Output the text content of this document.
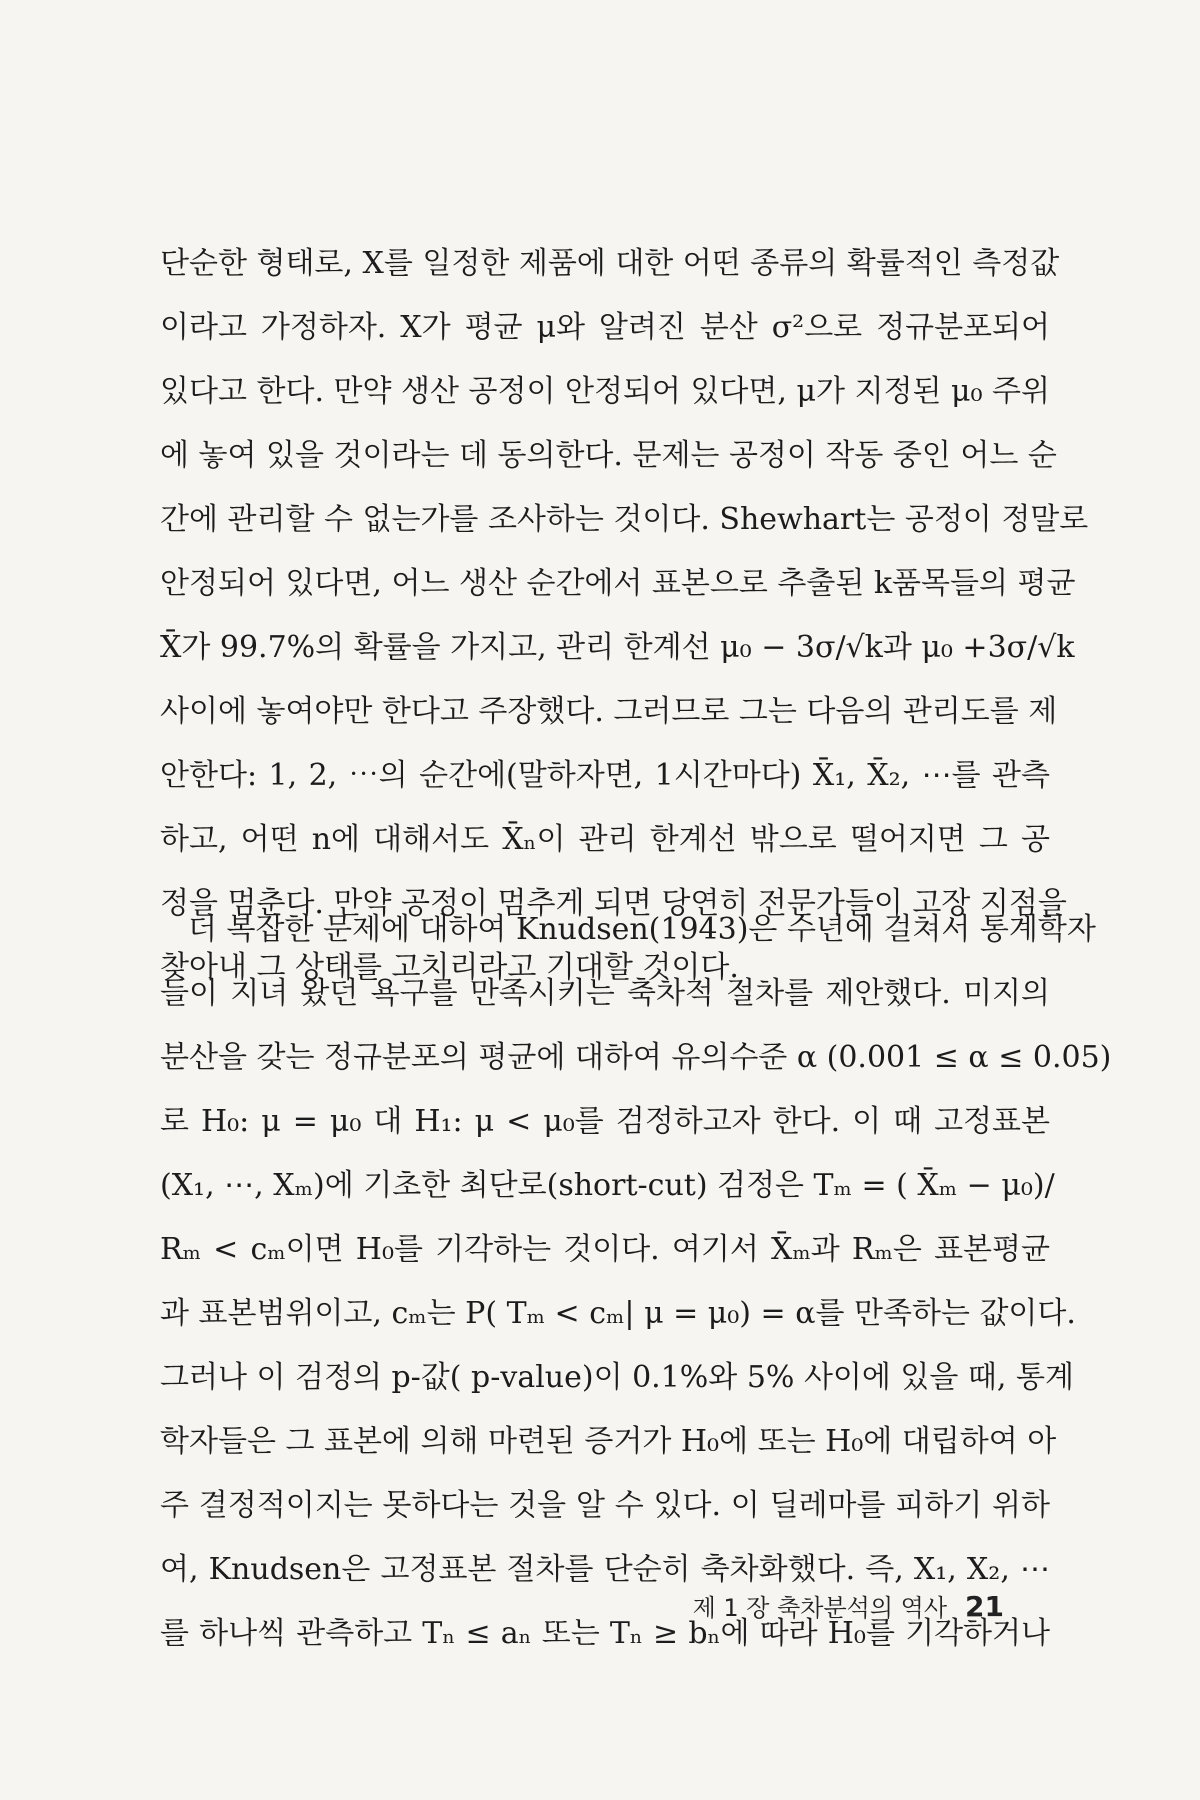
단순한 형태로, X를 일정한 제품에 대한 어떤 종류의 확률적인 측정값
이라고 가정하자. X가 평균 μ와 알려진 분산 σ²으로 정규분포되어
있다고 한다. 만약 생산 공정이 안정되어 있다면, μ가 지정된 μ₀ 주위
에 놓여 있을 것이라는 데 동의한다. 문제는 공정이 작동 중인 어느 순
간에 관리할 수 없는가를 조사하는 것이다. Shewhart는 공정이 정말로
안정되어 있다면, 어느 생산 순간에서 표본으로 추출된 k품목들의 평균
X̄가 99.7%의 확률을 가지고, 관리 한계선 μ₀ − 3σ/√k과 μ₀ +3σ/√k
사이에 놓여야만 한다고 주장했다. 그러므로 그는 다음의 관리도를 제
안한다: 1, 2, ⋯의 순간에(말하자면, 1시간마다) X̄₁, X̄₂, ⋯를 관측
하고, 어떤 n에 대해서도 X̄ₙ이 관리 한계선 밖으로 떨어지면 그 공
정을 멈춘다. 만약 공정이 멈추게 되면 당연히 전문가들이 고장 지점을
찾아내 그 상태를 고치리라고 기대할 것이다.
더 복잡한 문제에 대하여 Knudsen(1943)은 수년에 걸쳐서 통계학자
들이 지녀 왔던 욕구를 만족시키는 축차적 절차를 제안했다. 미지의
분산을 갖는 정규분포의 평균에 대하여 유의수준 α (0.001 ≤ α ≤ 0.05)
로 H₀: μ = μ₀ 대 H₁: μ < μ₀를 검정하고자 한다. 이 때 고정표본
(X₁, ⋯, Xₘ)에 기초한 최단로(short-cut) 검정은 Tₘ = ( X̄ₘ − μ₀)/
Rₘ < cₘ이면 H₀를 기각하는 것이다. 여기서 X̄ₘ과 Rₘ은 표본평균
과 표본범위이고, cₘ는 P( Tₘ < cₘ| μ = μ₀) = α를 만족하는 값이다.
그러나 이 검정의 p-값( p-value)이 0.1%와 5% 사이에 있을 때, 통계
학자들은 그 표본에 의해 마련된 증거가 H₀에 또는 H₀에 대립하여 아
주 결정적이지는 못하다는 것을 알 수 있다. 이 딜레마를 피하기 위하
여, Knudsen은 고정표본 절차를 단순히 축차화했다. 즉, X₁, X₂, ⋯
를 하나씩 관측하고 Tₙ ≤ aₙ 또는 Tₙ ≥ bₙ에 따라 H₀를 기각하거나
제 1 장 축차분석의 역사 21
